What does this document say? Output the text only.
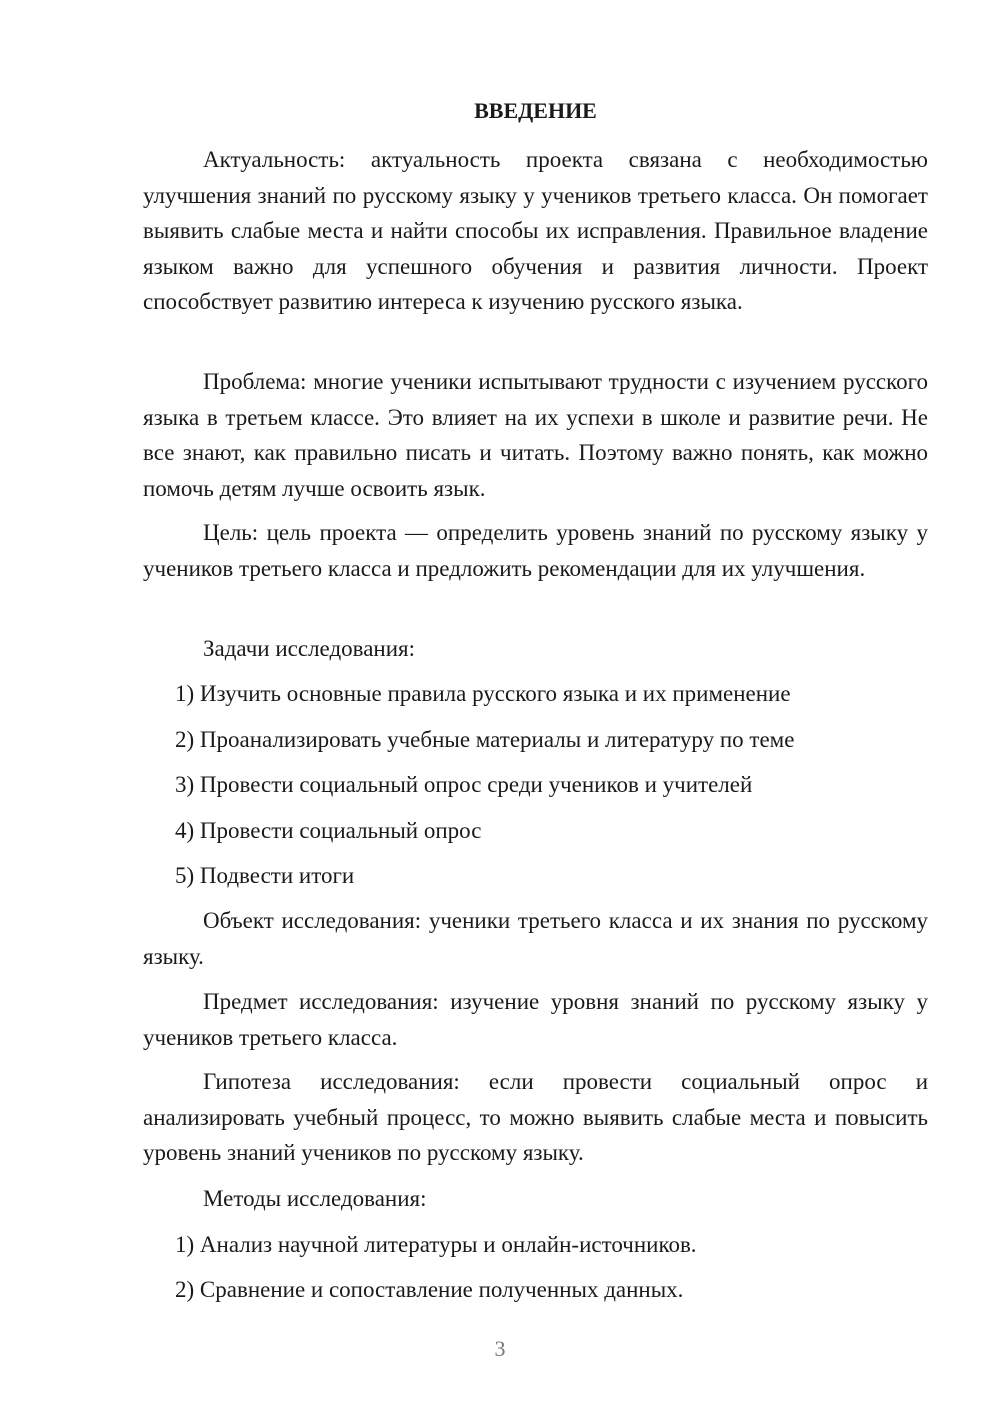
ВВЕДЕНИЕ
Актуальность: актуальность проекта связана с необходимостью улучшения знаний по русскому языку у учеников третьего класса. Он помогает выявить слабые места и найти способы их исправления. Правильное владение языком важно для успешного обучения и развития личности. Проект способствует развитию интереса к изучению русского языка.
Проблема: многие ученики испытывают трудности с изучением русского языка в третьем классе. Это влияет на их успехи в школе и развитие речи. Не все знают, как правильно писать и читать. Поэтому важно понять, как можно помочь детям лучше освоить язык.
Цель: цель проекта — определить уровень знаний по русскому языку у учеников третьего класса и предложить рекомендации для их улучшения.
Задачи исследования:
1) Изучить основные правила русского языка и их применение
2) Проанализировать учебные материалы и литературу по теме
3) Провести социальный опрос среди учеников и учителей
4) Провести социальный опрос
5) Подвести итоги
Объект исследования: ученики третьего класса и их знания по русскому языку.
Предмет исследования: изучение уровня знаний по русскому языку у учеников третьего класса.
Гипотеза исследования: если провести социальный опрос и анализировать учебный процесс, то можно выявить слабые места и повысить уровень знаний учеников по русскому языку.
Методы исследования:
1) Анализ научной литературы и онлайн-источников.
2) Сравнение и сопоставление полученных данных.
3
